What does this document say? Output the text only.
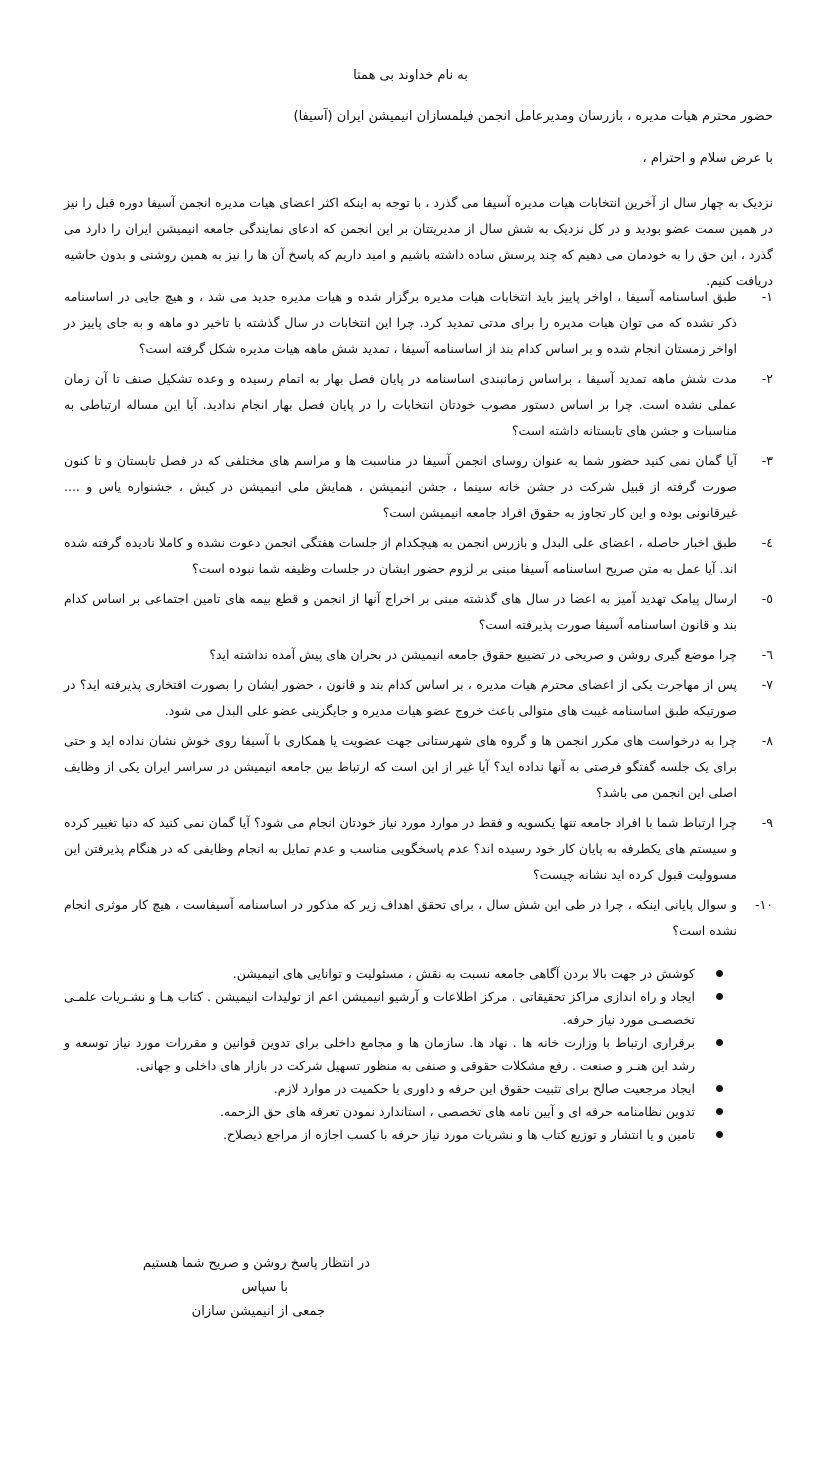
به نام خداوند بی همتا
حضور محترم هیات مدیره ، بازرسان ومدیرعامل انجمن فیلمسازان انیمیشن ایران (آسیفا)
با عرض سلام و احترام ،

نزدیک به چهار سال از آخرین انتخابات هیات مدیره آسیفا می گذرد ، با توجه به اینکه اکثر اعضای هیات مدیره انجمن آسیفا دوره قبل را نیز در همین سمت عضو بودید و در کل نزدیک به شش سال از مدیریتتان بر این انجمن که ادعای نمایندگی جامعه انیمیشن ایران را دارد می گذرد ، این حق را به خودمان می دهیم که چند پرسش ساده داشته باشیم و امید داریم که پاسخ آن ها را نیز به همین روشنی و بدون حاشیه دریافت کنیم.

۱-
طبق اساسنامه آسیفا ، اواخر پاییز باید انتخابات هیات مدیره برگزار شده و هیات مدیره جدید می شد ، و هیچ جایی در اساسنامه ذکر نشده که می توان هیات مدیره را برای مدتی تمدید کرد. چرا این انتخابات در سال گذشته با تاخیر دو ماهه و به جای پاییز در اواخر زمستان انجام شده و بر اساس کدام بند از اساسنامه آسیفا ، تمدید شش ماهه هیات مدیره شکل گرفته است؟
۲-
مدت شش ماهه تمدید آسیفا ، براساس زمانبندی اساسنامه در پایان فصل بهار به اتمام رسیده و وعده تشکیل صنف تا آن زمان عملی نشده است. چرا بر اساس دستور مصوب خودتان انتخابات را در پایان فصل بهار انجام ندادید. آیا این مساله ارتباطی به مناسبات و جشن های تابستانه داشته است؟
۳-
آیا گمان نمی کنید حضور شما به عنوان روسای انجمن آسیفا در مناسبت ها و مراسم های مختلفی که در فصل تابستان و تا کنون صورت گرفته از قبیل شرکت در جشن خانه سینما ، جشن انیمیشن ، همایش ملی انیمیشن در کیش ، جشنواره یاس و .... غیرقانونی بوده و این کار تجاوز به حقوق افراد جامعه انیمیشن است؟
٤-
طبق اخبار حاصله ، اعضای علی البدل و بازرس انجمن به هیچکدام از جلسات هفتگی انجمن دعوت نشده و کاملا نادیده گرفته شده اند. آیا عمل به متن صریح اساسنامه آسیفا مبنی بر لزوم حضور ایشان در جلسات وظیفه شما نبوده است؟
٥-
ارسال پیامک تهدید آمیز به اعضا در سال های گذشته مبنی بر اخراج آنها از انجمن و قطع بیمه های تامین اجتماعی بر اساس کدام بند و قانون اساسنامه آسیفا صورت پذیرفته است؟
٦-
چرا موضع گیری روشن و صریحی در تضییع حقوق جامعه انیمیشن در بحران های پیش آمده نداشته اید؟
٧-
پس از مهاجرت یکی از اعضای محترم هیات مدیره ، بر اساس کدام بند و قانون ، حضور ایشان را بصورت افتخاری پذیرفته اید؟ در صورتیکه طبق اساسنامه غیبت های متوالی باعث خروج عضو هیات مدیره و جایگزینی عضو علی البدل می شود.
٨-
چرا به درخواست های مکرر انجمن ها و گروه های شهرستانی جهت عضویت یا همکاری با آسیفا روی خوش نشان نداده اید و حتی برای یک جلسه گفتگو فرصتی به آنها نداده اید؟ آیا غیر از این است که ارتباط بین جامعه انیمیشن در سراسر ایران یکی از وظایف اصلی این انجمن می باشد؟
٩-
چرا ارتباط شما با افراد جامعه تنها یکسویه و فقط در موارد مورد نیاز خودتان انجام می شود؟ آیا گمان نمی کنید که دنیا تغییر کرده و سیستم های یکطرفه به پایان کار خود رسیده اند؟ عدم پاسخگویی مناسب و عدم تمایل به انجام وظایفی که در هنگام پذیرفتن این مسوولیت قبول کرده اید نشانه چیست؟
۱۰-
و سوال پایانی اینکه ، چرا در طی این شش سال ، برای تحقق اهداف زیر که مذکور در اساسنامه آسیفاست ، هیچ کار موثری انجام نشده است؟
کوشش در جهت بالا بردن آگاهی جامعه نسبت به نقش ، مسئولیت و توانایی های انیمیشن.
ایجاد و راه اندازی مراکز تحقیقاتی . مرکز اطلاعات و آرشیو انیمیشن اعم از تولیدات انیمیشن . کتاب هـا و نشـریات علمـی تخصصـی مورد نیاز حرفه.
برقراری ارتباط با وزارت خانه ها . نهاد ها. سازمان ها و مجامع داخلی برای تدوین قوانین و مقررات مورد نیاز توسعه و رشد این هنـر و صنعت . رفع مشکلات حقوقی و صنفی به منظور تسهیل شرکت در بازار های داخلی و جهانی.
ایجاد مرجعیت صالح برای تثبیت حقوق این حرفه و داوری یا حکمیت در موارد لازم.
تدوین نظامنامه حرفه ای و آیین نامه های تخصصی ، استاندارد نمودن تعرفه های حق الزحمه.
تامین و یا انتشار و توزیع کتاب ها و نشریات مورد نیاز حرفه با کسب اجازه از مراجع ذیصلاح.
در انتظار پاسخ روشن و صریح شما هستیم
با سپاس
جمعی از انیمیشن سازان
